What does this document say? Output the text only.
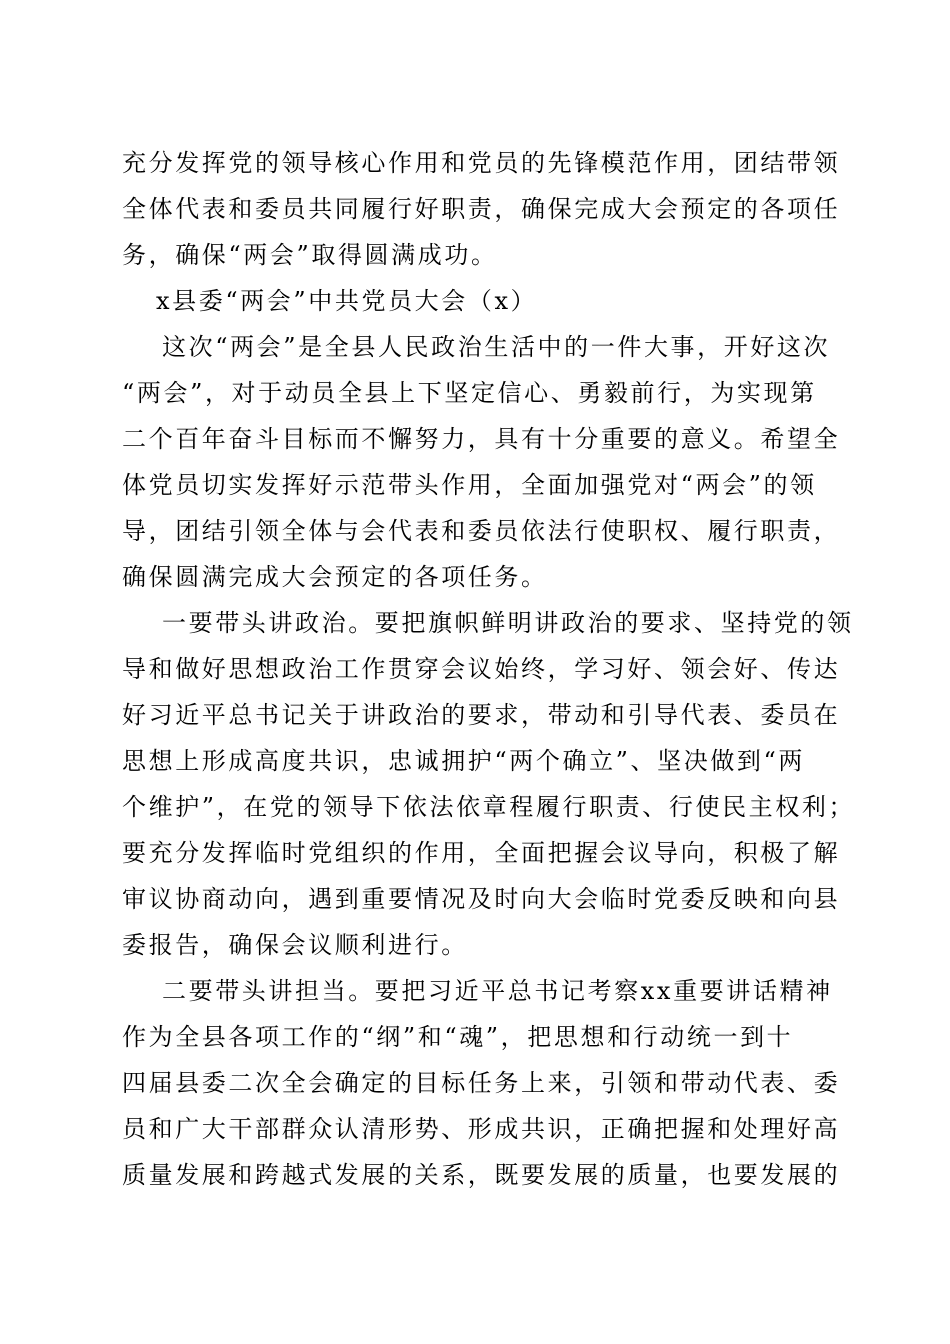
充分发挥党的领导核心作用和党员的先锋模范作用，团结带领
全体代表和委员共同履行好职责，确保完成大会预定的各项任
务，确保“两会”取得圆满成功。

x县委“两会”中共党员大会（x）

这次“两会”是全县人民政治生活中的一件大事，开好这次
“两会”，对于动员全县上下坚定信心、勇毅前行，为实现第
二个百年奋斗目标而不懈努力，具有十分重要的意义。希望全
体党员切实发挥好示范带头作用，全面加强党对“两会”的领
导，团结引领全体与会代表和委员依法行使职权、履行职责，
确保圆满完成大会预定的各项任务。

一要带头讲政治。要把旗帜鲜明讲政治的要求、坚持党的领
导和做好思想政治工作贯穿会议始终，学习好、领会好、传达
好习近平总书记关于讲政治的要求，带动和引导代表、委员在
思想上形成高度共识，忠诚拥护“两个确立”、坚决做到“两
个维护”，在党的领导下依法依章程履行职责、行使民主权利；
要充分发挥临时党组织的作用，全面把握会议导向，积极了解
审议协商动向，遇到重要情况及时向大会临时党委反映和向县
委报告，确保会议顺利进行。

二要带头讲担当。要把习近平总书记考察xx重要讲话精神
作为全县各项工作的“纲”和“魂”，把思想和行动统一到十
四届县委二次全会确定的目标任务上来，引领和带动代表、委
员和广大干部群众认清形势、形成共识，正确把握和处理好高
质量发展和跨越式发展的关系，既要发展的质量，也要发展的
